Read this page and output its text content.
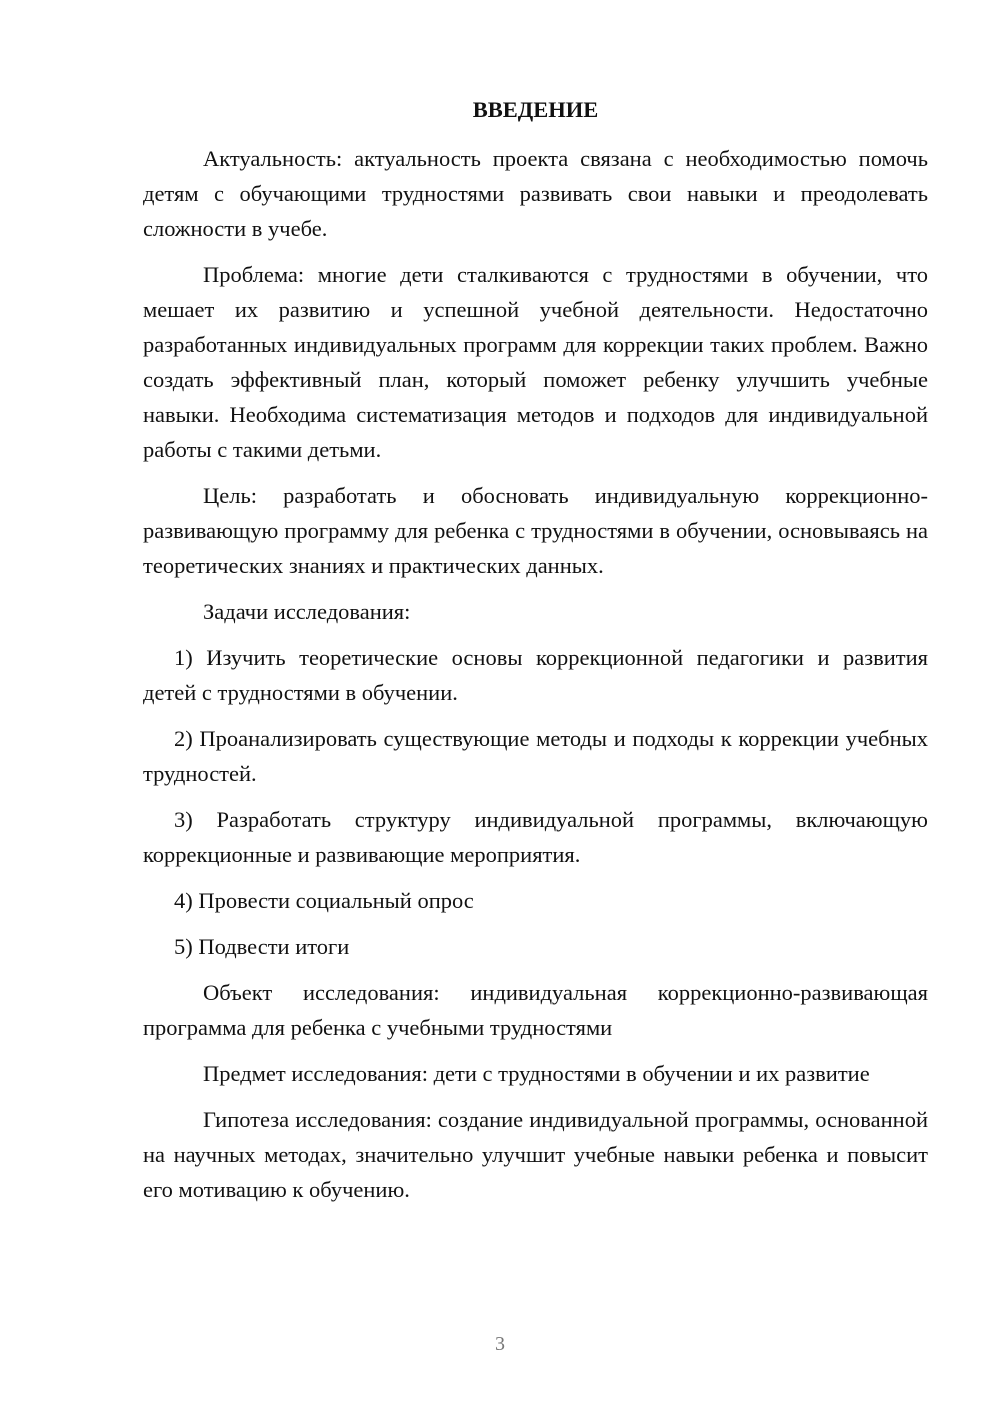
ВВЕДЕНИЕ

Актуальность: актуальность проекта связана с необходимостью помочь детям с обучающими трудностями развивать свои навыки и преодолевать сложности в учебе.

Проблема: многие дети сталкиваются с трудностями в обучении, что мешает их развитию и успешной учебной деятельности. Недостаточно разработанных индивидуальных программ для коррекции таких проблем. Важно создать эффективный план, который поможет ребенку улучшить учебные навыки. Необходима систематизация методов и подходов для индивидуальной работы с такими детьми.

Цель: разработать и обосновать индивидуальную коррекционно-развивающую программу для ребенка с трудностями в обучении, основываясь на теоретических знаниях и практических данных.

Задачи исследования:

1) Изучить теоретические основы коррекционной педагогики и развития детей с трудностями в обучении.

2) Проанализировать существующие методы и подходы к коррекции учебных трудностей.

3) Разработать структуру индивидуальной программы, включающую коррекционные и развивающие мероприятия.

4) Провести социальный опрос

5) Подвести итоги

Объект исследования: индивидуальная коррекционно-развивающая программа для ребенка с учебными трудностями

Предмет исследования: дети с трудностями в обучении и их развитие

Гипотеза исследования: создание индивидуальной программы, основанной на научных методах, значительно улучшит учебные навыки ребенка и повысит его мотивацию к обучению.

3
